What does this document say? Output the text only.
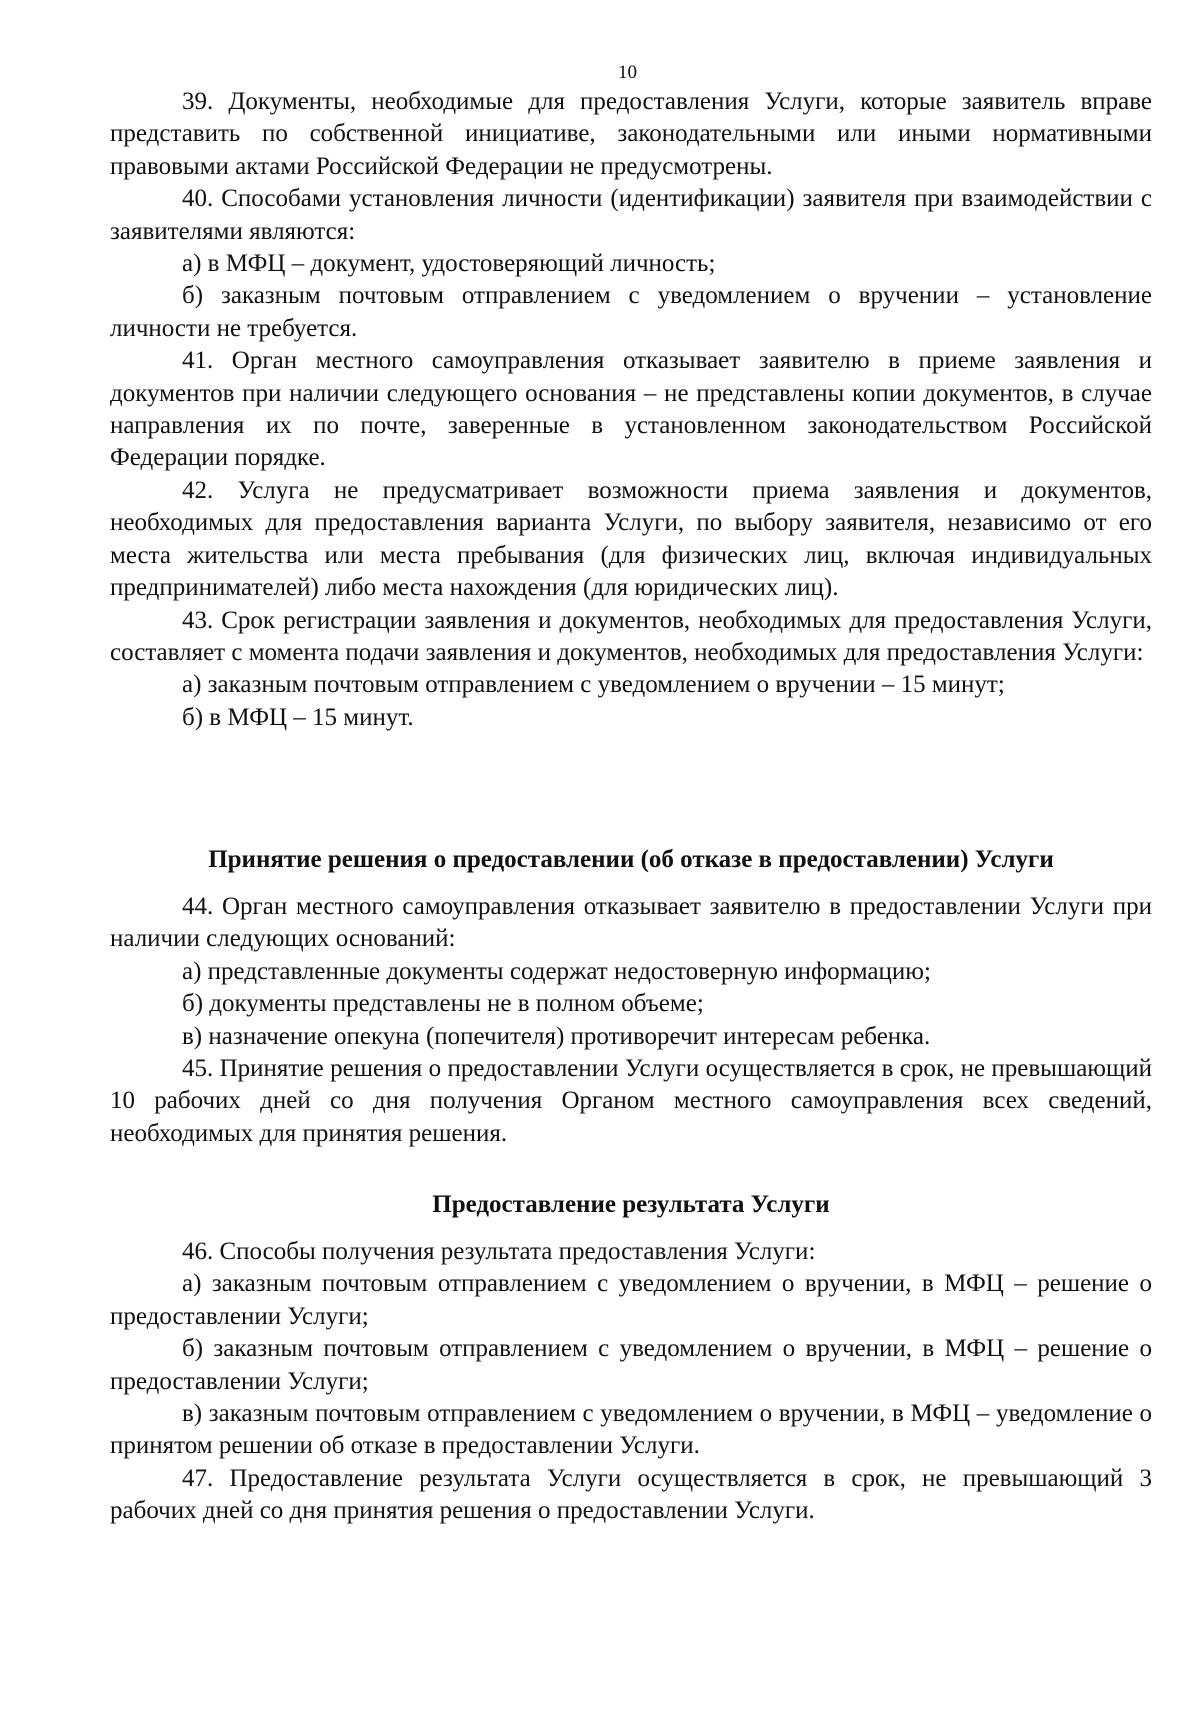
10

39. Документы, необходимые для предоставления Услуги, которые заявитель вправе представить по собственной инициативе, законодательными или иными нормативными правовыми актами Российской Федерации не предусмотрены.

40. Способами установления личности (идентификации) заявителя при взаимодействии с заявителями являются:

а) в МФЦ – документ, удостоверяющий личность;

б) заказным почтовым отправлением с уведомлением о вручении – установление личности не требуется.

41. Орган местного самоуправления отказывает заявителю в приеме заявления и документов при наличии следующего основания – не представлены копии документов, в случае направления их по почте, заверенные в установленном законодательством Российской Федерации порядке.

42. Услуга не предусматривает возможности приема заявления и документов, необходимых для предоставления варианта Услуги, по выбору заявителя, независимо от его места жительства или места пребывания (для физических лиц, включая индивидуальных предпринимателей) либо места нахождения (для юридических лиц).

43. Срок регистрации заявления и документов, необходимых для предоставления Услуги, составляет с момента подачи заявления и документов, необходимых для предоставления Услуги:

а) заказным почтовым отправлением с уведомлением о вручении – 15 минут;

б) в МФЦ – 15 минут.

Принятие решения о предоставлении (об отказе в предоставлении) Услуги

44. Орган местного самоуправления отказывает заявителю в предоставлении Услуги при наличии следующих оснований:

а) представленные документы содержат недостоверную информацию;

б) документы представлены не в полном объеме;

в) назначение опекуна (попечителя) противоречит интересам ребенка.

45. Принятие решения о предоставлении Услуги осуществляется в срок, не превышающий 10 рабочих дней со дня получения Органом местного самоуправления всех сведений, необходимых для принятия решения.

Предоставление результата Услуги

46. Способы получения результата предоставления Услуги:

а) заказным почтовым отправлением с уведомлением о вручении, в МФЦ – решение о предоставлении Услуги;

б) заказным почтовым отправлением с уведомлением о вручении, в МФЦ – решение о предоставлении Услуги;

в) заказным почтовым отправлением с уведомлением о вручении, в МФЦ – уведомление о принятом решении об отказе в предоставлении Услуги.

47. Предоставление результата Услуги осуществляется в срок, не превышающий 3 рабочих дней со дня принятия решения о предоставлении Услуги.
